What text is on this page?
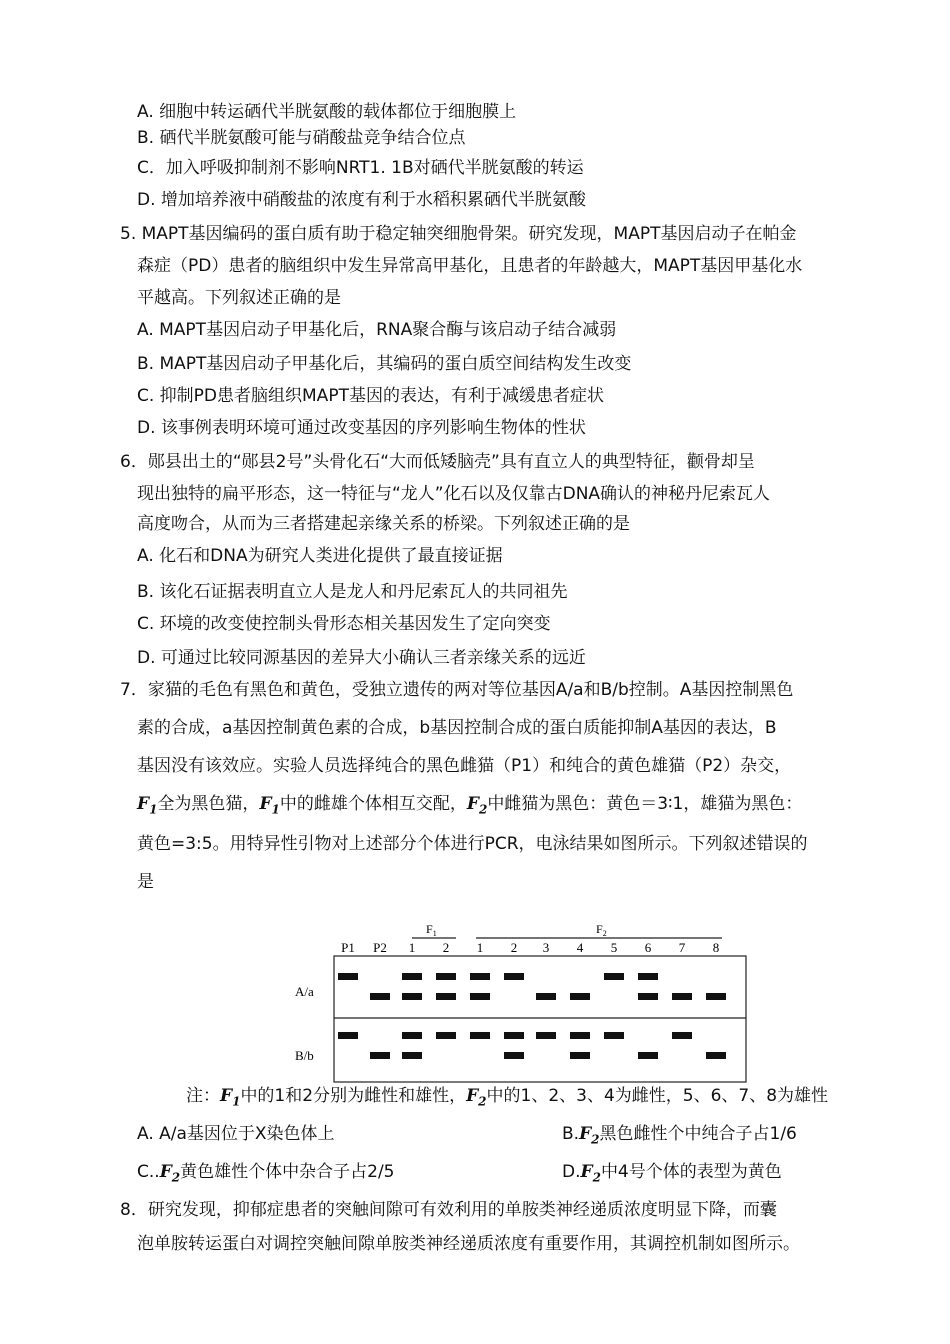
A. 细胞中转运硒代半胱氨酸的载体都位于细胞膜上
B. 硒代半胱氨酸可能与硝酸盐竞争结合位点
C．加入呼吸抑制剂不影响NRT1. 1B对硒代半胱氨酸的转运
D. 增加培养液中硝酸盐的浓度有利于水稻积累硒代半胱氨酸
5. MAPT基因编码的蛋白质有助于稳定轴突细胞骨架。研究发现，MAPT基因启动子在帕金
森症（PD）患者的脑组织中发生异常高甲基化，且患者的年龄越大，MAPT基因甲基化水
平越高。下列叙述正确的是
A. MAPT基因启动子甲基化后，RNA聚合酶与该启动子结合减弱
B. MAPT基因启动子甲基化后，其编码的蛋白质空间结构发生改变
C. 抑制PD患者脑组织MAPT基因的表达，有利于减缓患者症状
D. 该事例表明环境可通过改变基因的序列影响生物体的性状
6．郧县出土的“郧县2号”头骨化石“大而低矮脑壳”具有直立人的典型特征，颧骨却呈
现出独特的扁平形态，这一特征与“龙人”化石以及仅靠古DNA确认的神秘丹尼索瓦人
高度吻合，从而为三者搭建起亲缘关系的桥梁。下列叙述正确的是
A. 化石和DNA为研究人类进化提供了最直接证据
B. 该化石证据表明直立人是龙人和丹尼索瓦人的共同祖先
C. 环境的改变使控制头骨形态相关基因发生了定向突变
D. 可通过比较同源基因的差异大小确认三者亲缘关系的远近
7．家猫的毛色有黑色和黄色，受独立遗传的两对等位基因A/a和B/b控制。A基因控制黑色
素的合成，a基因控制黄色素的合成，b基因控制合成的蛋白质能抑制A基因的表达，B
基因没有该效应。实验人员选择纯合的黑色雌猫（P1）和纯合的黄色雄猫（P2）杂交，
$F_1$全为黑色猫，$F_1$中的雌雄个体相互交配，$F_2$中雌猫为黑色：黄色＝3∶1，雄猫为黑色：
黄色=3:5。用特异性引物对上述部分个体进行PCR，电泳结果如图所示。下列叙述错误的
是
$F_1$	$F_2$
P1 P2 1 2 1 2 3 4 5 6 7 8
A/a
B/b
注：$F_1$中的1和2分别为雌性和雄性，$F_2$中的1、2、3、4为雌性，5、6、7、8为雄性
A. A/a基因位于X染色体上	$B.F_2$黑色雌性个中纯合子占1/6
$C..F_2$黄色雄性个体中杂合子占2/5	$D.F_2$中4号个体的表型为黄色
8．研究发现，抑郁症患者的突触间隙可有效利用的单胺类神经递质浓度明显下降，而囊
泡单胺转运蛋白对调控突触间隙单胺类神经递质浓度有重要作用，其调控机制如图所示。
